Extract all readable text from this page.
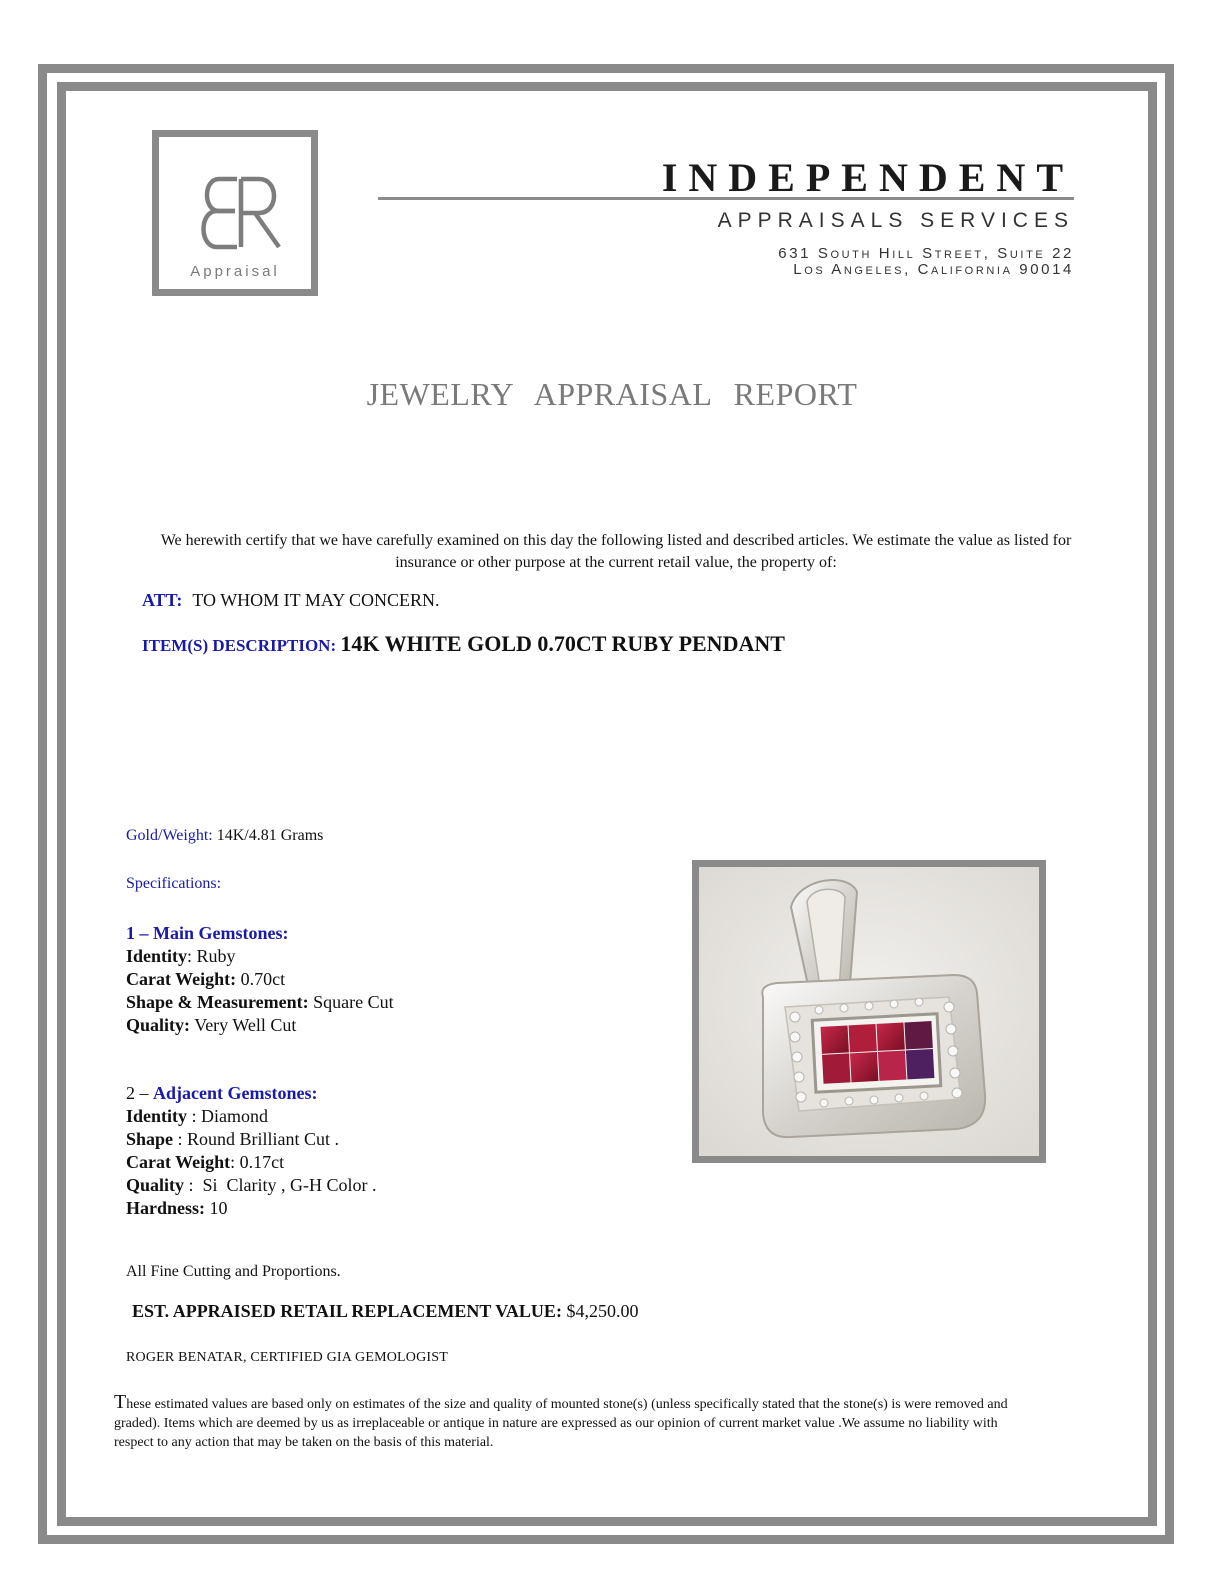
Appraisal
INDEPENDENT
APPRAISALS SERVICES
631 South Hill Street, Suite 22
Los Angeles, California 90014
JEWELRY APPRAISAL REPORT
We herewith certify that we have carefully examined on this day the following listed and described articles. We estimate the value as listed for insurance or other purpose at the current retail value, the property of:
ATT: TO WHOM IT MAY CONCERN.
ITEM(S) DESCRIPTION: 14K WHITE GOLD 0.70CT RUBY PENDANT
Gold/Weight: 14K/4.81 Grams
Specifications:
1 – Main Gemstones:
Identity: Ruby
Carat Weight: 0.70ct
Shape & Measurement: Square Cut
Quality: Very Well Cut
2 – Adjacent Gemstones:
Identity : Diamond
Shape : Round Brilliant Cut .
Carat Weight: 0.17ct
Quality :  Si  Clarity , G-H Color .
Hardness: 10
All Fine Cutting and Proportions.
EST. APPRAISED RETAIL REPLACEMENT VALUE: $4,250.00
ROGER BENATAR, CERTIFIED GIA GEMOLOGIST
These estimated values are based only on estimates of the size and quality of mounted stone(s) (unless specifically stated that the stone(s) is were removed and graded). Items which are deemed by us as irreplaceable or antique in nature are expressed as our opinion of current market value .We assume no liability with respect to any action that may be taken on the basis of this material.
